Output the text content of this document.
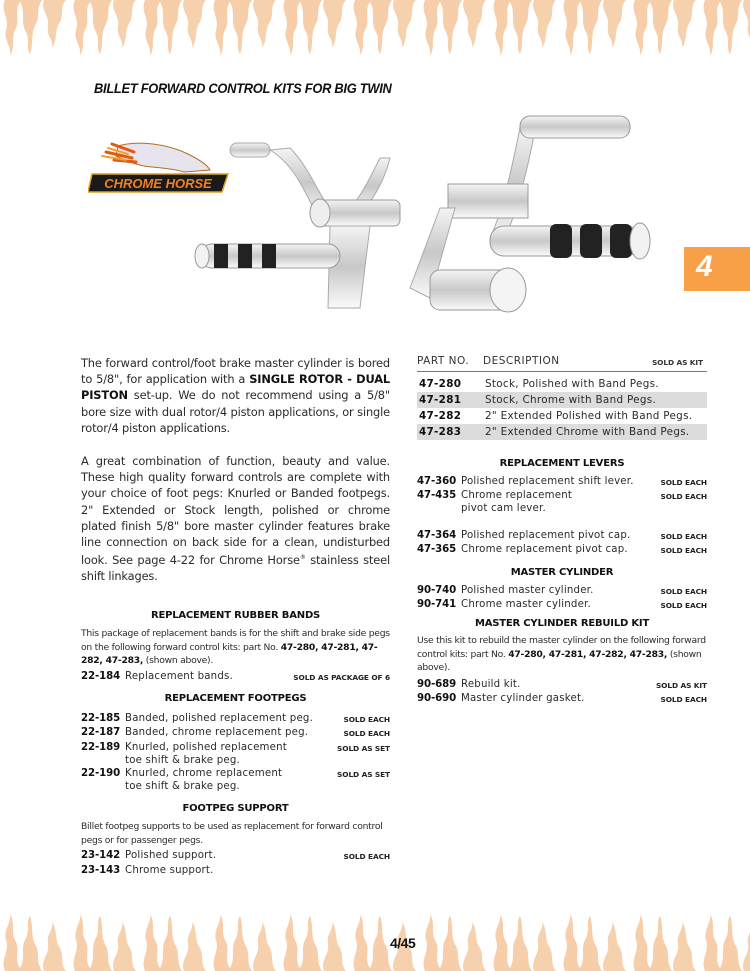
BILLET FORWARD CONTROL KITS FOR BIG TWIN
CHROME HORSE
4

The forward control/foot brake master cylinder is bored to 5/8", for application with a SINGLE ROTOR - DUAL PISTON set-up. We do not recommend using a 5/8" bore size with dual rotor/4 piston applications, or single rotor/4 piston applications.

A great combination of function, beauty and value. These high quality forward controls are complete with your choice of foot pegs: Knurled or Banded footpegs. 2" Extended or Stock length, polished or chrome plated finish 5/8" bore master cylinder features brake line connection on back side for a clean, undisturbed look. See page 4-22 for Chrome Horse® stainless steel shift linkages.

REPLACEMENT RUBBER BANDS

This package of replacement bands is for the shift and brake side pegs on the following forward control kits: part No. 47-280, 47-281, 47-282, 47-283, (shown above).

22-184 Replacement bands.	SOLD AS PACKAGE OF 6

REPLACEMENT FOOTPEGS

22-185 Banded, polished replacement peg.	SOLD EACH
22-187 Banded, chrome replacement peg.	SOLD EACH
22-189 Knurled, polished replacement toe shift & brake peg.
SOLD AS SET
22-190 Knurled, chrome replacement toe shift & brake peg.
SOLD AS SET

FOOTPEG SUPPORT

Billet footpeg supports to be used as replacement for forward control pegs or for passenger pegs.

23-142 Polished support.	SOLD EACH
23-143 Chrome support.
PART NO.	DESCRIPTION	SOLD AS KIT
47-280	Stock, Polished with Band Pegs.
47-281	Stock, Chrome with Band Pegs.
47-282	2" Extended Polished with Band Pegs.
47-283	2" Extended Chrome with Band Pegs.

REPLACEMENT LEVERS

47-360 Polished replacement shift lever.	SOLD EACH
47-435 Chrome replacement pivot cam lever.
SOLD EACH
47-364 Polished replacement pivot cap.	SOLD EACH
47-365 Chrome replacement pivot cap.	SOLD EACH

MASTER CYLINDER

90-740 Polished master cylinder.	SOLD EACH
90-741 Chrome master cylinder.	SOLD EACH

MASTER CYLINDER REBUILD KIT

Use this kit to rebuild the master cylinder on the following forward control kits: part No. 47-280, 47-281, 47-282, 47-283, (shown above).

90-689 Rebuild kit.	SOLD AS KIT
90-690 Master cylinder gasket.	SOLD EACH
4/45
